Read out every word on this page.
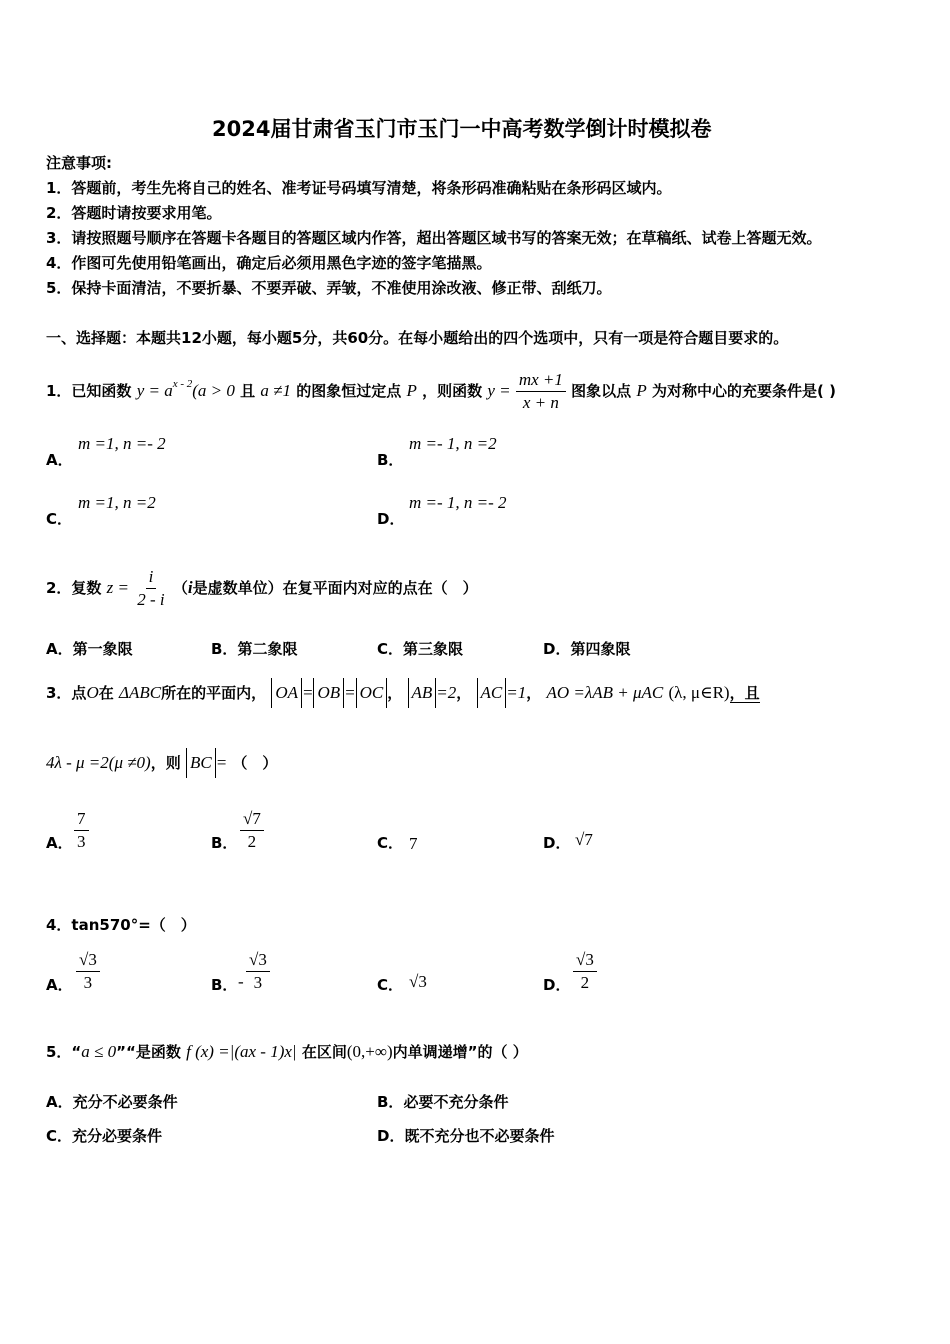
2024届甘肃省玉门市玉门一中高考数学倒计时模拟卷
注意事项:
1．答题前，考生先将自己的姓名、准考证号码填写清楚，将条形码准确粘贴在条形码区域内。
2．答题时请按要求用笔。
3．请按照题号顺序在答题卡各题目的答题区域内作答，超出答题区域书写的答案无效；在草稿纸、试卷上答题无效。
4．作图可先使用铅笔画出，确定后必须用黑色字迹的签字笔描黑。
5．保持卡面清洁，不要折暴、不要弄破、弄皱，不准使用涂改液、修正带、刮纸刀。
一、选择题：本题共12小题，每小题5分，共60分。在每小题给出的四个选项中，只有一项是符合题目要求的。
1．已知函数 $y = a^{x - 2}(a > 0$ 且 a ≠1 的图象恒过定点 P ，则函数 $y = \frac{mx +1}{x + n}$ 图象以点 P 为对称中心的充要条件是( )
A．
m =1, n =- 2
B．
m =- 1, n =2
C．
m =1, n =2
D．
m =- 1, n =- 2
2．复数 $z = \frac{i}{2 - i} (i$是虚数单位）在复平面内对应的点在（　）
A．第一象限	B．第二象限	C．第三象限	D．第四象限
3．点O在 ΔABC所在的平面内， OA = OB = OC ， AB =2， AC =1， AO =λAB + μAC (λ, μ∈R)，且
4λ - μ =2(μ ≠0)，则 BC = （　）
A． $\frac{7}{3}$	B． $\frac{√7}{2}$	C． 7	D． √7
4．tan570°=（　）
A． $\frac{√3}{3}$	B． - $\frac{√3}{3}$	C． √3	D． $\frac{√3}{2}$
5．“a ≤ 0”“是函数 f (x) =|(ax - 1)x| 在区间(0,+∞)内单调递增”的（ ）
A．充分不必要条件	B．必要不充分条件
C．充分必要条件	D．既不充分也不必要条件
